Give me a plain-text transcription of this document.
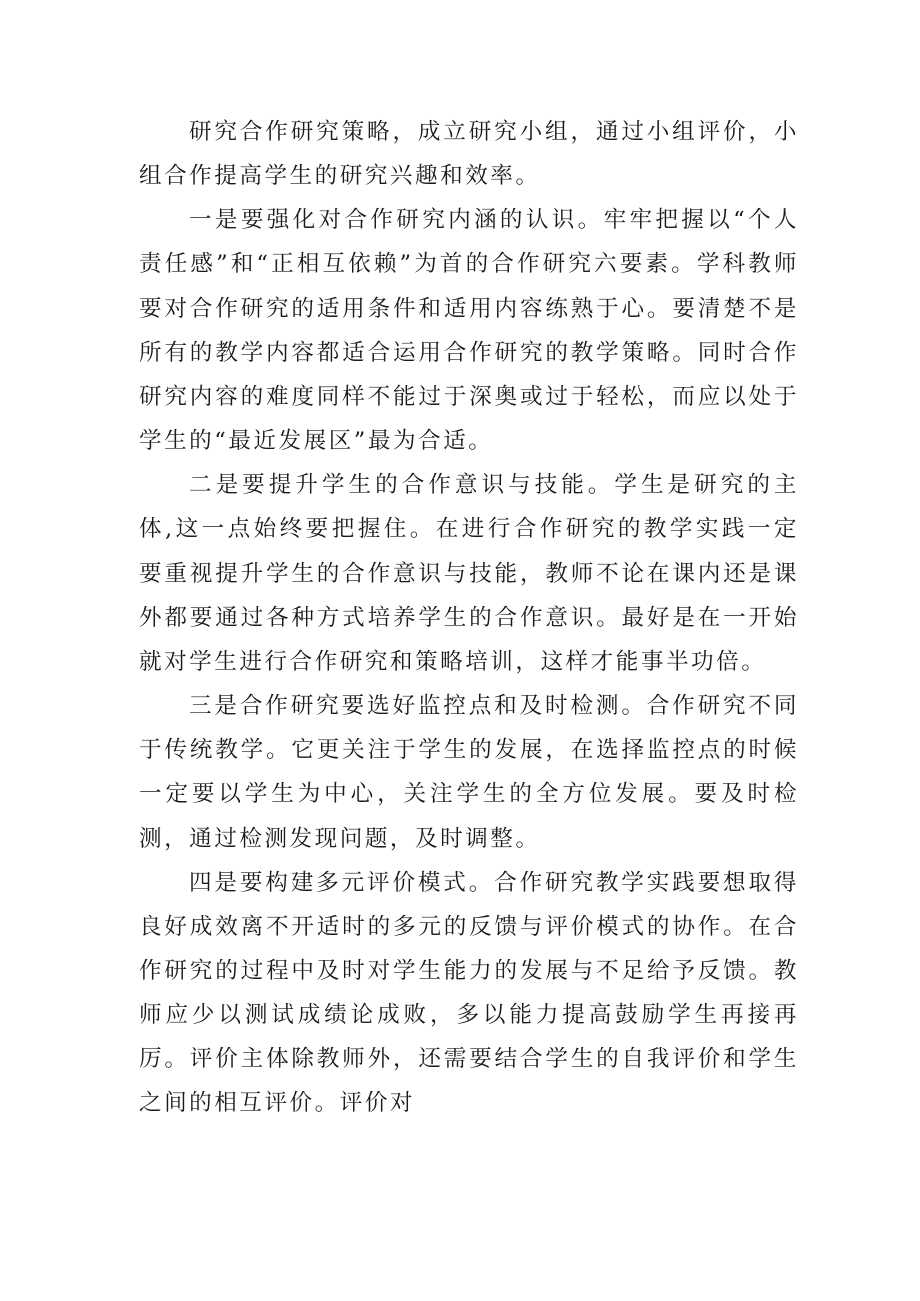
研究合作研究策略，成立研究小组，通过小组评价，小组合作提高学生的研究兴趣和效率。

一是要强化对合作研究内涵的认识。牢牢把握以“个人责任感”和“正相互依赖”为首的合作研究六要素。学科教师要对合作研究的适用条件和适用内容练熟于心。要清楚不是所有的教学内容都适合运用合作研究的教学策略。同时合作研究内容的难度同样不能过于深奥或过于轻松，而应以处于学生的“最近发展区”最为合适。

二是要提升学生的合作意识与技能。学生是研究的主体,这一点始终要把握住。在进行合作研究的教学实践一定要重视提升学生的合作意识与技能，教师不论在课内还是课外都要通过各种方式培养学生的合作意识。最好是在一开始就对学生进行合作研究和策略培训，这样才能事半功倍。

三是合作研究要选好监控点和及时检测。合作研究不同于传统教学。它更关注于学生的发展，在选择监控点的时候一定要以学生为中心，关注学生的全方位发展。要及时检测，通过检测发现问题，及时调整。

四是要构建多元评价模式。合作研究教学实践要想取得良好成效离不开适时的多元的反馈与评价模式的协作。在合作研究的过程中及时对学生能力的发展与不足给予反馈。教师应少以测试成绩论成败，多以能力提高鼓励学生再接再厉。评价主体除教师外，还需要结合学生的自我评价和学生之间的相互评价。评价对
